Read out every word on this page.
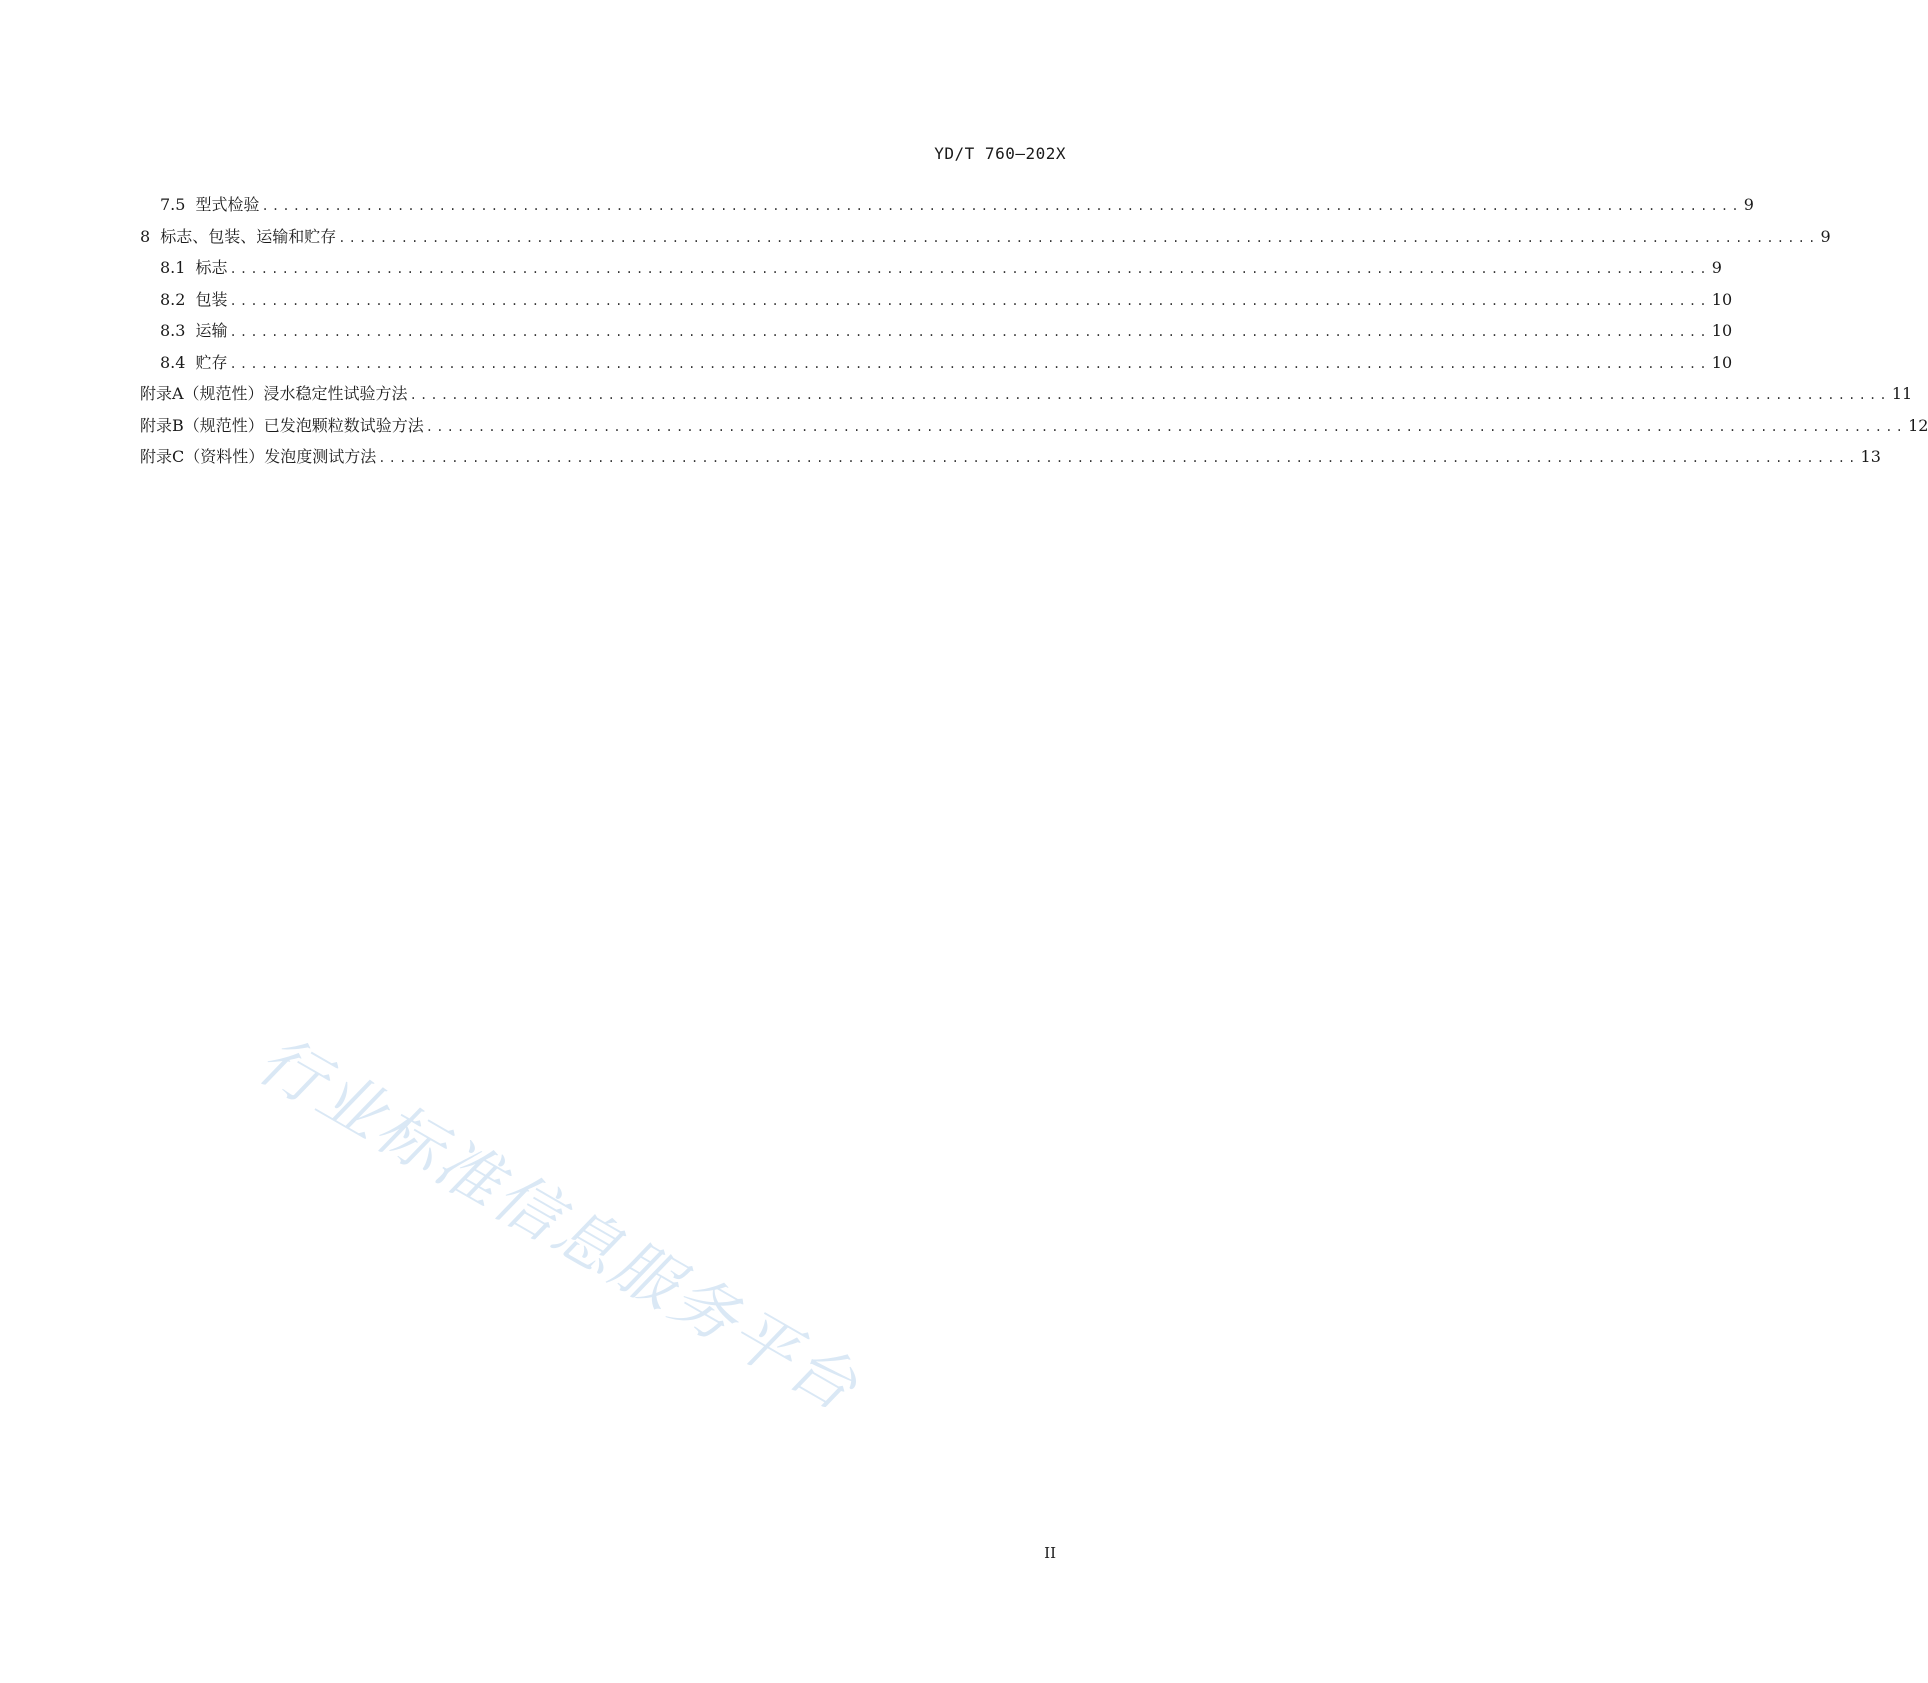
YD/T 760—202X
7.5 型式检验 .............................................................................................................................................. 9
8 标志、包装、运输和贮存 .............................................................................................................................................. 9
8.1 标志 .............................................................................................................................................. 9
8.2 包装 .............................................................................................................................................. 10
8.3 运输 .............................................................................................................................................. 10
8.4 贮存 .............................................................................................................................................. 10
附录A（规范性）浸水稳定性试验方法 .............................................................................................................................................. 11
附录B（规范性）已发泡颗粒数试验方法 .............................................................................................................................................. 12
附录C（资料性）发泡度测试方法 .............................................................................................................................................. 13
行业标准信息服务平台
II
